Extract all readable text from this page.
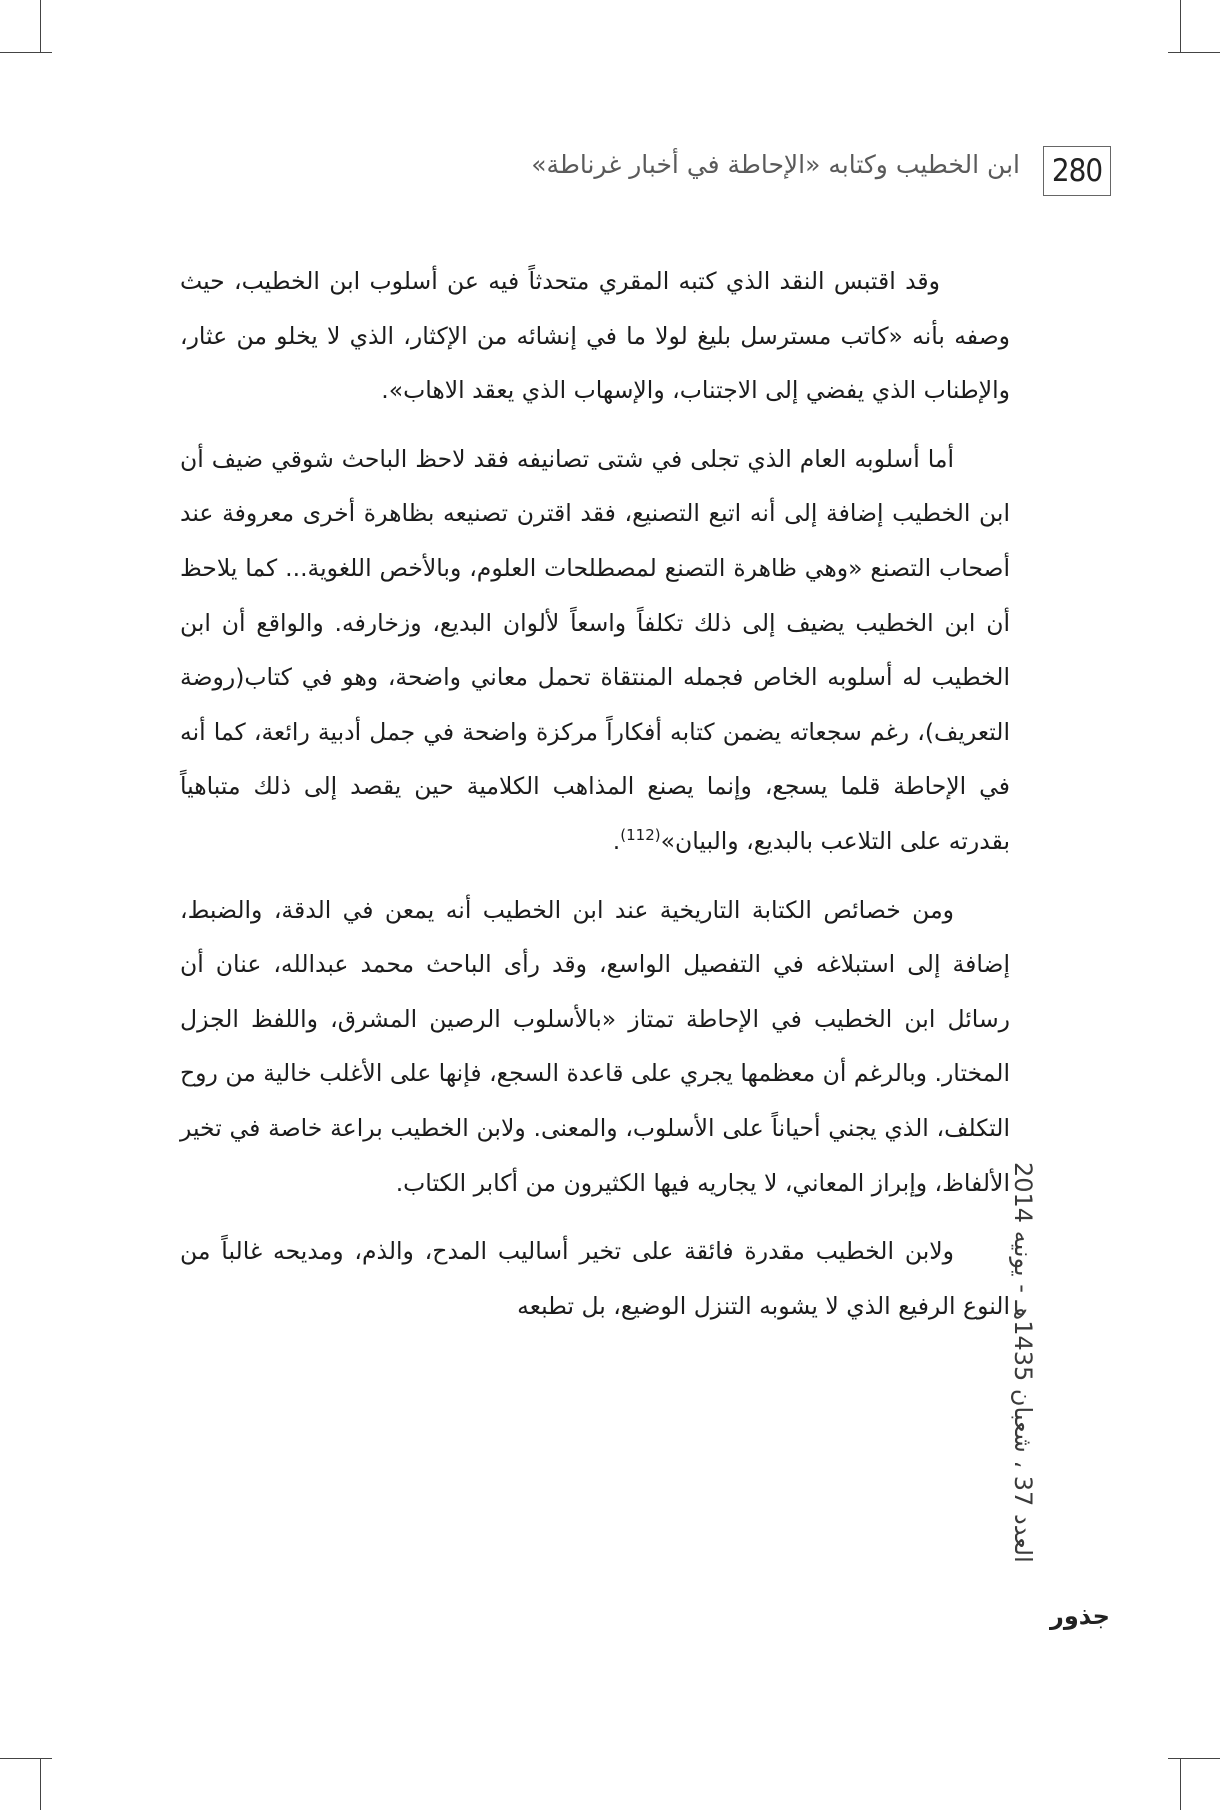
280
ابن الخطيب وكتابه «الإحاطة في أخبار غرناطة»

وقد اقتبس النقد الذي كتبه المقري متحدثاً فيه عن أسلوب ابن الخطيب، حيث وصفه بأنه «كاتب مسترسل بليغ لولا ما في إنشائه من الإكثار، الذي لا يخلو من عثار، والإطناب الذي يفضي إلى الاجتناب، والإسهاب الذي يعقد الاهاب».

أما أسلوبه العام الذي تجلى في شتى تصانيفه فقد لاحظ الباحث شوقي ضيف أن ابن الخطيب إضافة إلى أنه اتبع التصنيع، فقد اقترن تصنيعه بظاهرة أخرى معروفة عند أصحاب التصنع «وهي ظاهرة التصنع لمصطلحات العلوم، وبالأخص اللغوية... كما يلاحظ أن ابن الخطيب يضيف إلى ذلك تكلفاً واسعاً لألوان البديع، وزخارفه. والواقع أن ابن الخطيب له أسلوبه الخاص فجمله المنتقاة تحمل معاني واضحة، وهو في كتاب(روضة التعريف)، رغم سجعاته يضمن كتابه أفكاراً مركزة واضحة في جمل أدبية رائعة، كما أنه في الإحاطة قلما يسجع، وإنما يصنع المذاهب الكلامية حين يقصد إلى ذلك متباهياً بقدرته على التلاعب بالبديع، والبيان»$^{(112)}$.

ومن خصائص الكتابة التاريخية عند ابن الخطيب أنه يمعن في الدقة، والضبط، إضافة إلى استبلاغه في التفصيل الواسع، وقد رأى الباحث محمد عبدالله، عنان أن رسائل ابن الخطيب في الإحاطة تمتاز «بالأسلوب الرصين المشرق، واللفظ الجزل المختار. وبالرغم أن معظمها يجري على قاعدة السجع، فإنها على الأغلب خالية من روح التكلف، الذي يجني أحياناً على الأسلوب، والمعنى. ولابن الخطيب براعة خاصة في تخير الألفاظ، وإبراز المعاني، لا يجاريه فيها الكثيرون من أكابر الكتاب.

ولابن الخطيب مقدرة فائقة على تخير أساليب المدح، والذم، ومديحه غالباً من النوع الرفيع الذي لا يشوبه التنزل الوضيع، بل تطبعه

العدد 37 ، شعبان 1435هـ - يونيه 2014
جذور
